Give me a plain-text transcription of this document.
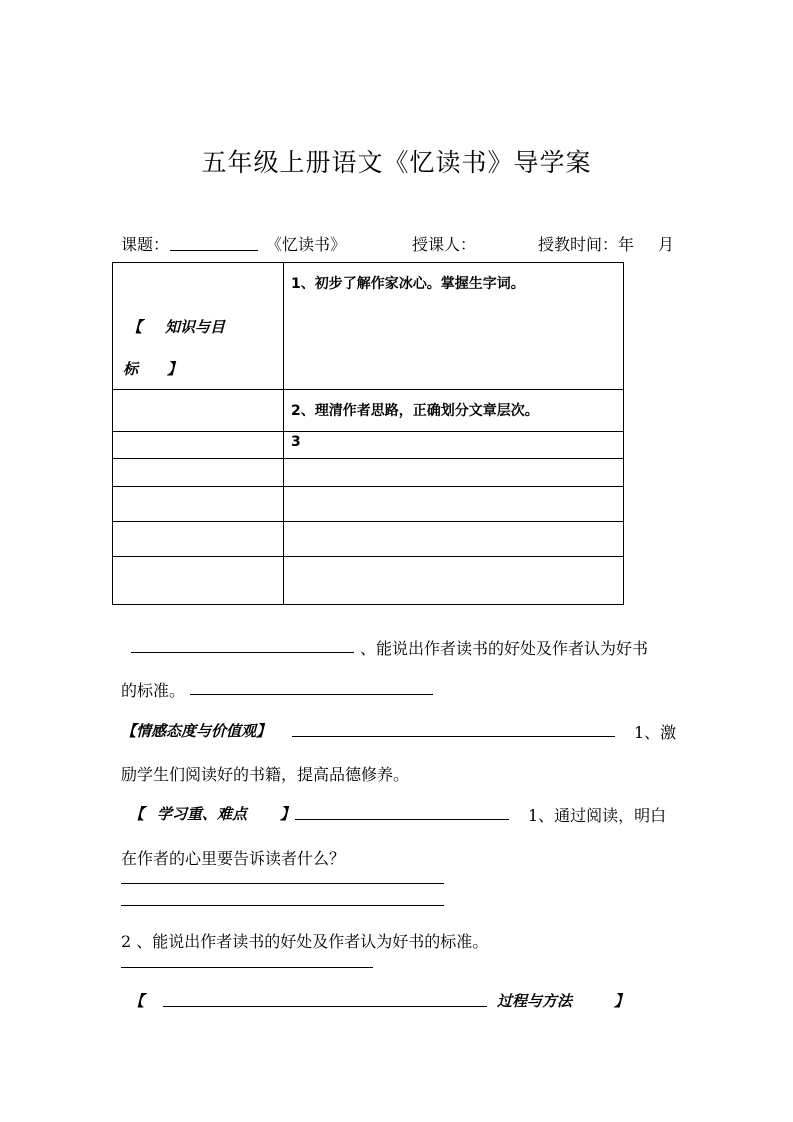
五年级上册语文《忆读书》导学案
课题：	《忆读书》	授课人：	授教时间：年 月
【 知识与目
标 】	1、初步了解作家冰心。掌握生字词。

	2、理清作者思路，正确划分文章层次。

	3

、能说出作者读书的好处及作者认为好书
的标准。
【情感态度与价值观】	1、激
励学生们阅读好的书籍，提高品德修养。
【 学习重、难点 】	1、通过阅读，明白
在作者的心里要告诉读者什么？
2 、能说出作者读书的好处及作者认为好书的标准。
【	过程与方法	】
